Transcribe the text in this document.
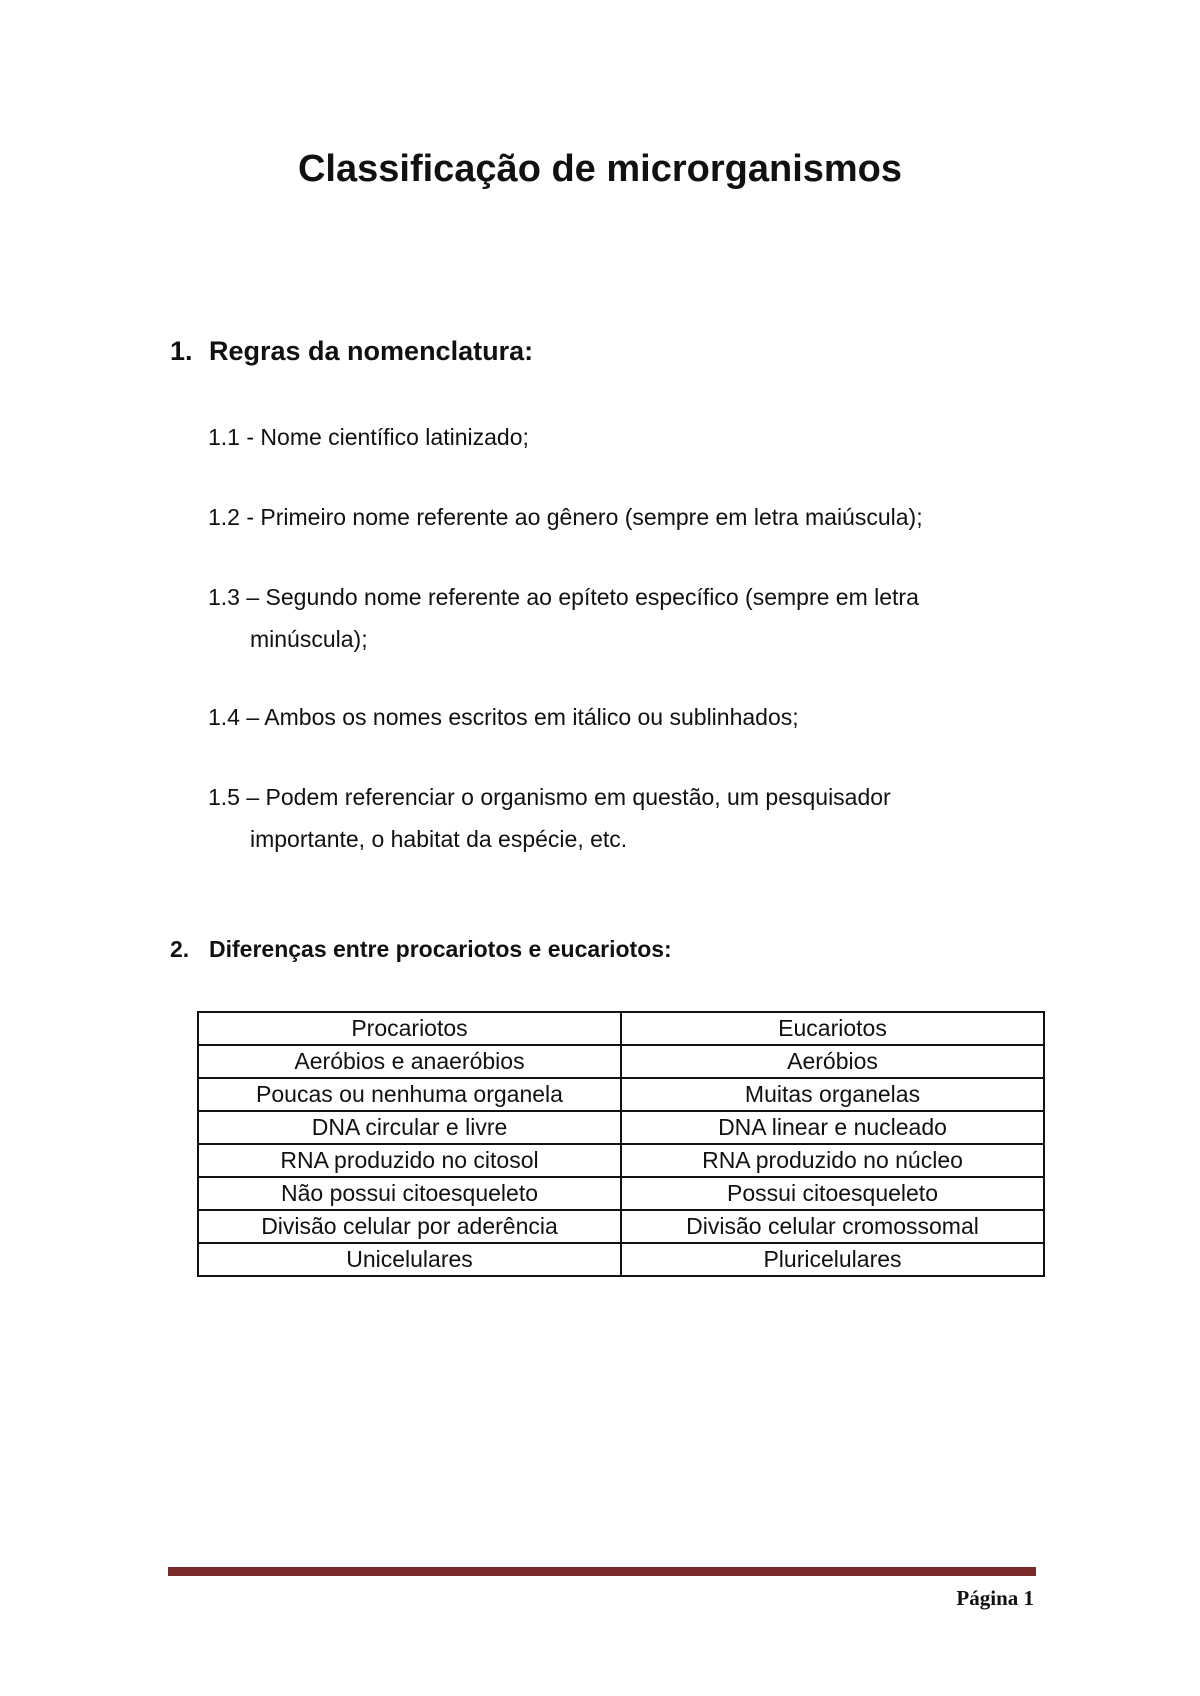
Classificação de microrganismos
1. Regras da nomenclatura:

1.1 - Nome científico latinizado;

1.2 - Primeiro nome referente ao gênero (sempre em letra maiúscula);

1.3 – Segundo nome referente ao epíteto específico (sempre em letra
minúscula);

1.4 – Ambos os nomes escritos em itálico ou sublinhados;

1.5 – Podem referenciar o organismo em questão, um pesquisador
importante, o habitat da espécie, etc.

2. Diferenças entre procariotos e eucariotos:
Procariotos	Eucariotos
Aeróbios e anaeróbios	Aeróbios
Poucas ou nenhuma organela	Muitas organelas
DNA circular e livre	DNA linear e nucleado
RNA produzido no citosol	RNA produzido no núcleo
Não possui citoesqueleto	Possui citoesqueleto
Divisão celular por aderência	Divisão celular cromossomal
Unicelulares	Pluricelulares

Página 1
